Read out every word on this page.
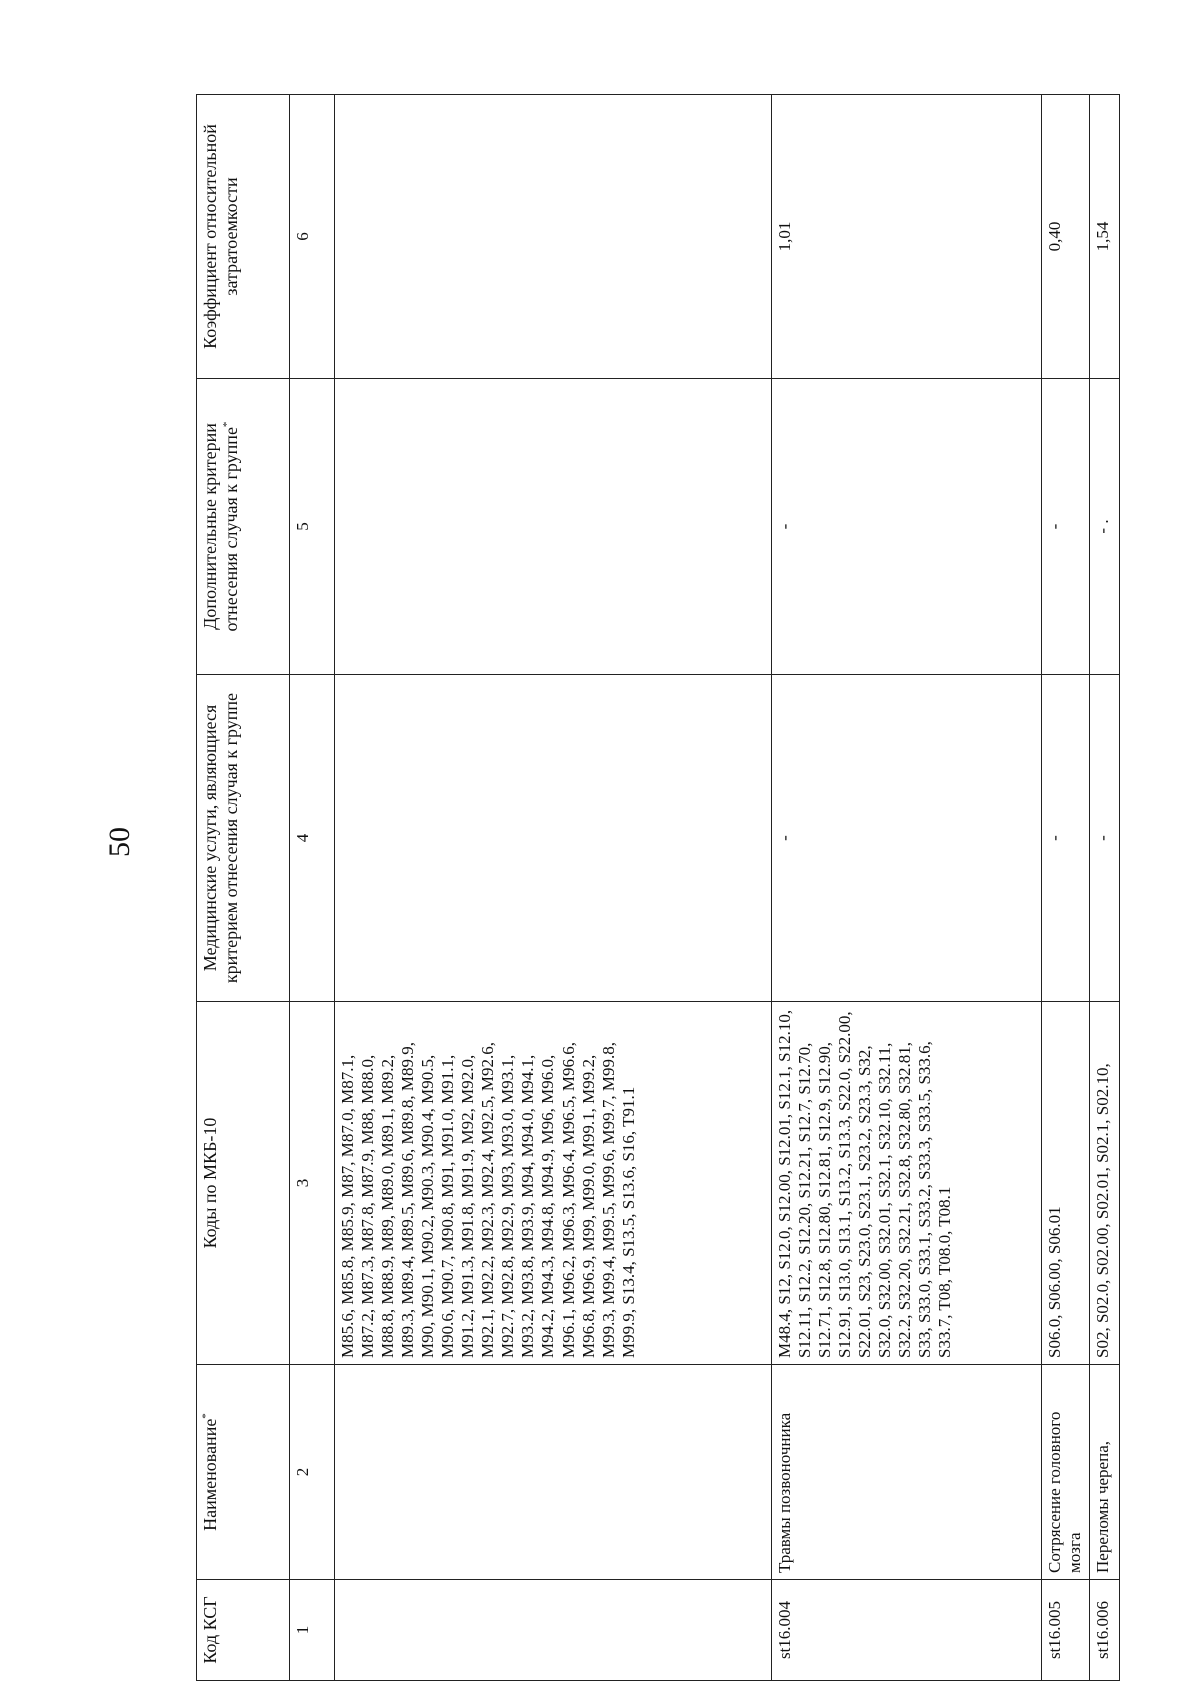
50
Код КСГ	Наименование*	Коды по МКБ-10	Медицинские услуги, являющиеся критерием отнесения случая к группе	Дополнительные критерии отнесения случая к группе*	Коэффициент относительной затратоемкости
1	2	3	4	5	6
		M85.6, M85.8, M85.9, M87, M87.0, M87.1, M87.2, M87.3, M87.8, M87.9, M88, M88.0, M88.8, M88.9, M89, M89.0, M89.1, M89.2, M89.3, M89.4, M89.5, M89.6, M89.8, M89.9, M90, M90.1, M90.2, M90.3, M90.4, M90.5, M90.6, M90.7, M90.8, M91, M91.0, M91.1, M91.2, M91.3, M91.8, M91.9, M92, M92.0, M92.1, M92.2, M92.3, M92.4, M92.5, M92.6, M92.7, M92.8, M92.9, M93, M93.0, M93.1, M93.2, M93.8, M93.9, M94, M94.0, M94.1, M94.2, M94.3, M94.8, M94.9, M96, M96.0, M96.1, M96.2, M96.3, M96.4, M96.5, M96.6, M96.8, M96.9, M99, M99.0, M99.1, M99.2, M99.3, M99.4, M99.5, M99.6, M99.7, M99.8, M99.9, S13.4, S13.5, S13.6, S16, T91.1			
st16.004	Травмы позвоночника	M48.4, S12, S12.0, S12.00, S12.01, S12.1, S12.10, S12.11, S12.2, S12.20, S12.21, S12.7, S12.70, S12.71, S12.8, S12.80, S12.81, S12.9, S12.90, S12.91, S13.0, S13.1, S13.2, S13.3, S22.0, S22.00, S22.01, S23, S23.0, S23.1, S23.2, S23.3, S32, S32.0, S32.00, S32.01, S32.1, S32.10, S32.11, S32.2, S32.20, S32.21, S32.8, S32.80, S32.81, S33, S33.0, S33.1, S33.2, S33.3, S33.5, S33.6, S33.7, T08, T08.0, T08.1	-	-	1,01
st16.005	Сотрясение головного мозга	S06.0, S06.00, S06.01	-	-	0,40
st16.006	Переломы черепа,	S02, S02.0, S02.00, S02.01, S02.1, S02.10,	-	- .	1,54
